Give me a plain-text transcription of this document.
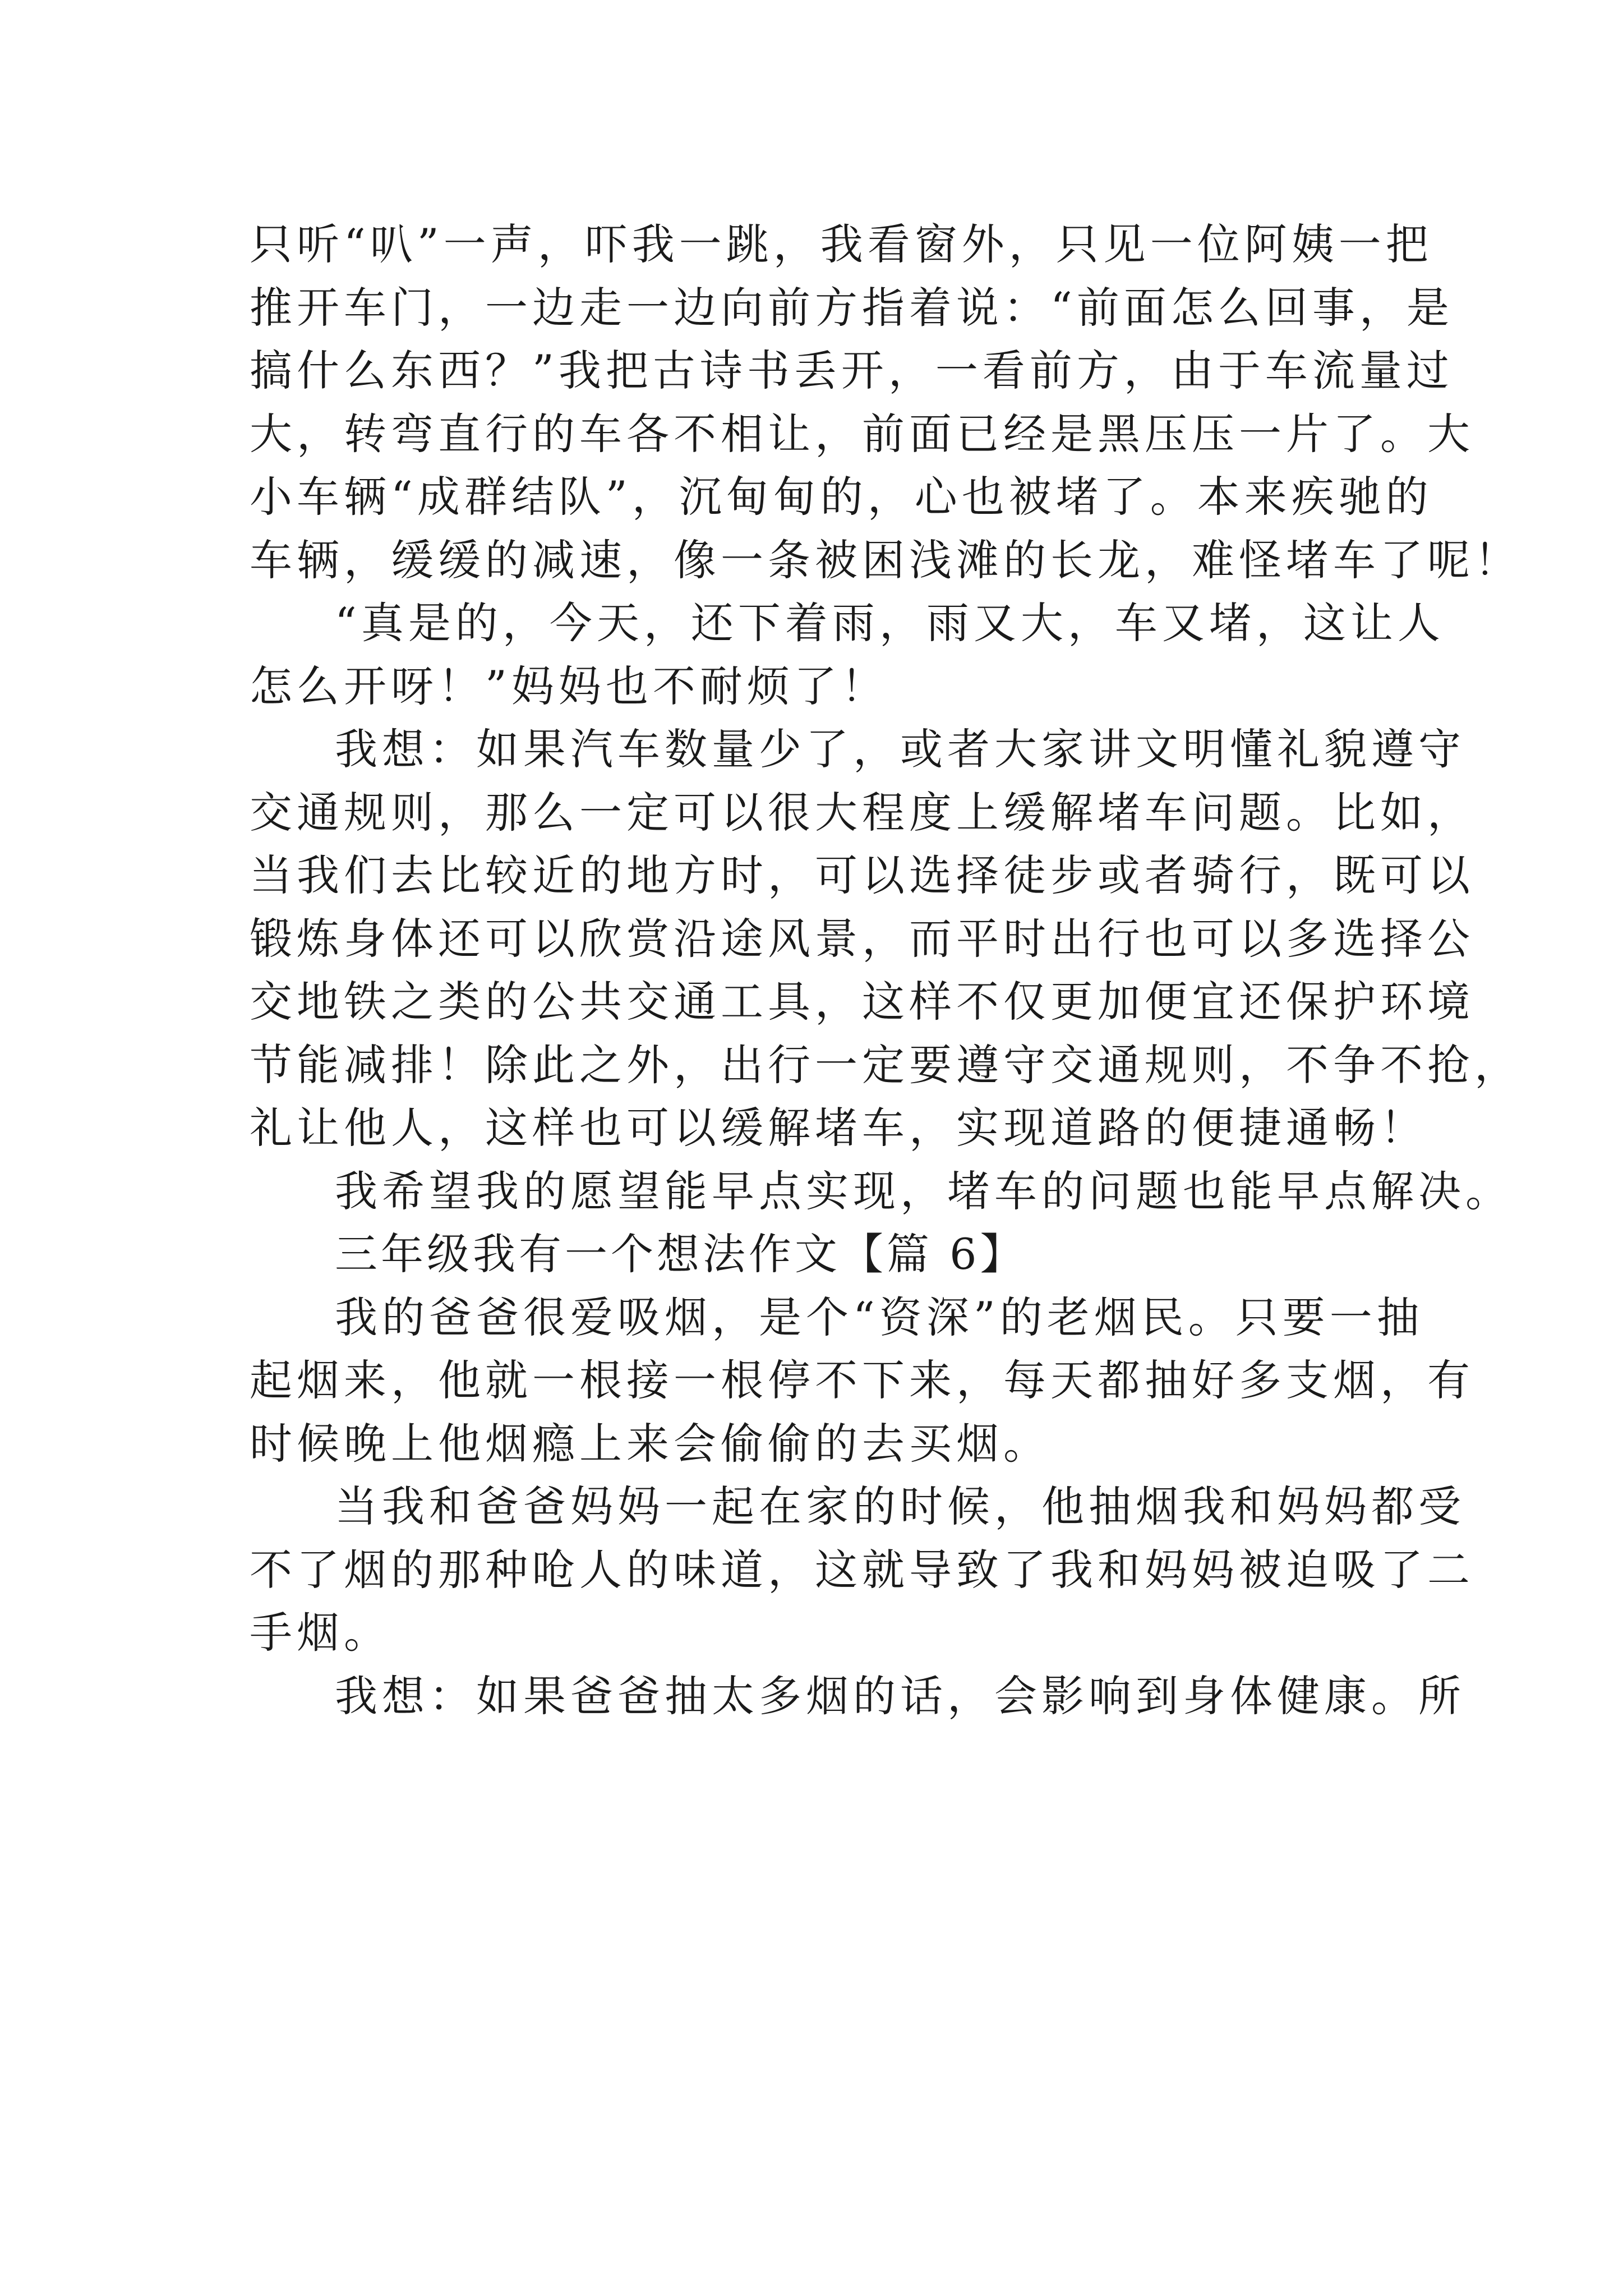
只听“叭”一声，吓我一跳，我看窗外，只见一位阿姨一把
推开车门，一边走一边向前方指着说：“前面怎么回事，是
搞什么东西？”我把古诗书丢开，一看前方，由于车流量过
大，转弯直行的车各不相让，前面已经是黑压压一片了。大
小车辆“成群结队”，沉甸甸的，心也被堵了。本来疾驰的
车辆，缓缓的减速，像一条被困浅滩的长龙，难怪堵车了呢！
“真是的，今天，还下着雨，雨又大，车又堵，这让人
怎么开呀！”妈妈也不耐烦了！
我想：如果汽车数量少了，或者大家讲文明懂礼貌遵守
交通规则，那么一定可以很大程度上缓解堵车问题。比如，
当我们去比较近的地方时，可以选择徒步或者骑行，既可以
锻炼身体还可以欣赏沿途风景，而平时出行也可以多选择公
交地铁之类的公共交通工具，这样不仅更加便宜还保护环境
节能减排！除此之外，出行一定要遵守交通规则，不争不抢，
礼让他人，这样也可以缓解堵车，实现道路的便捷通畅！
我希望我的愿望能早点实现，堵车的问题也能早点解决。
三年级我有一个想法作文【篇 6】
我的爸爸很爱吸烟，是个“资深”的老烟民。只要一抽
起烟来，他就一根接一根停不下来，每天都抽好多支烟，有
时候晚上他烟瘾上来会偷偷的去买烟。
当我和爸爸妈妈一起在家的时候，他抽烟我和妈妈都受
不了烟的那种呛人的味道，这就导致了我和妈妈被迫吸了二
手烟。
我想：如果爸爸抽太多烟的话，会影响到身体健康。所
